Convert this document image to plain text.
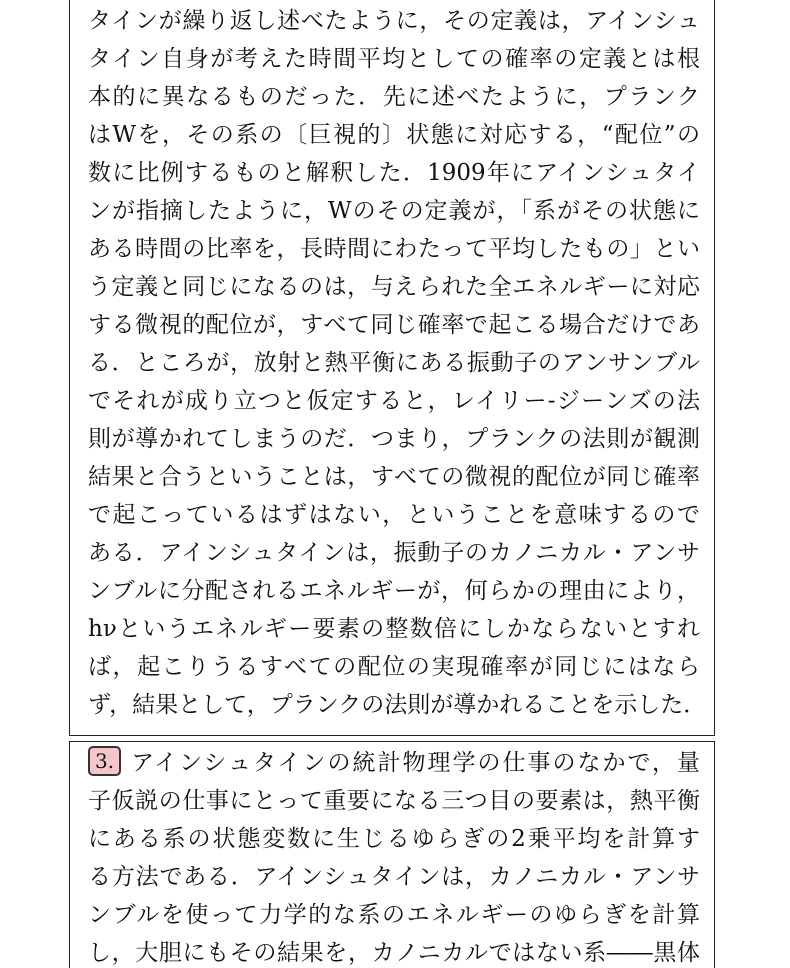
タインが繰り返し述べたように，その定義は，アインシュ
タイン自身が考えた時間平均としての確率の定義とは根
本的に異なるものだった．先に述べたように，プランク
はWを，その系の〔巨視的〕状態に対応する，“配位”の
数に比例するものと解釈した．1909年にアインシュタイ
ンが指摘したように，Wのその定義が，「系がその状態に
ある時間の比率を，長時間にわたって平均したもの」とい
う定義と同じになるのは，与えられた全エネルギーに対応
する微視的配位が，すべて同じ確率で起こる場合だけであ
る．ところが，放射と熱平衡にある振動子のアンサンブル
でそれが成り立つと仮定すると，レイリー‐ジーンズの法
則が導かれてしまうのだ．つまり，プランクの法則が観測
結果と合うということは，すべての微視的配位が同じ確率
で起こっているはずはない，ということを意味するので
ある．アインシュタインは，振動子のカノニカル・アンサ
ンブルに分配されるエネルギーが，何らかの理由により，
hνというエネルギー要素の整数倍にしかならないとすれ
ば，起こりうるすべての配位の実現確率が同じにはなら
ず，結果として，プランクの法則が導かれることを示した．
3. アインシュタインの統計物理学の仕事のなかで，量
子仮説の仕事にとって重要になる三つ目の要素は，熱平衡
にある系の状態変数に生じるゆらぎの2乗平均を計算す
る方法である．アインシュタインは，カノニカル・アンサ
ンブルを使って力学的な系のエネルギーのゆらぎを計算
し，大胆にもその結果を，カノニカルではない系――黒体
